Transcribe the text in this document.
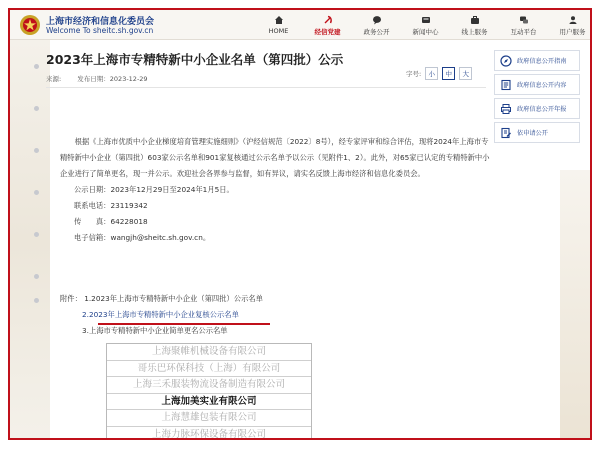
上海市经济和信息化委员会
Welcome To sheitc.sh.gov.cn	HOME	经信党建	政务公开	新闻中心	线上服务	互动平台	用户服务
2023年上海市专精特新中小企业名单（第四批）公示
来源: 发布日期：2023-12-29
字号:	小	中	大

根据《上海市优质中小企业梯度培育管理实施细则》（沪经信规范〔2022〕8号），经专家评审和综合评估，现将2024年上海市专精特新中小企业（第四批）603家公示名单和901家复核通过公示名单予以公示（见附件1、2）。此外，对65家已认定的专精特新中小企业进行了简单更名，现一并公示。欢迎社会各界参与监督，如有异议，请实名反馈上海市经济和信息化委员会。

公示日期：2023年12月29日至2024年1月5日。

联系电话：23119342

传　　真：64228018

电子信箱：wangjh@sheitc.sh.gov.cn。

附件： 1.2023年上海市专精特新中小企业（第四批）公示名单
2.2023年上海市专精特新中小企业复核公示名单
3.上海市专精特新中小企业简单更名公示名单
上海聚帷机械设备有限公司
哥乐巴环保科技（上海）有限公司
上海三禾服装物流设备制造有限公司
上海加美实业有限公司
上海慧雄包装有限公司
上海力脉环保设备有限公司
政府信息公开指南
政府信息公开内容
政府信息公开年报
依申请公开
